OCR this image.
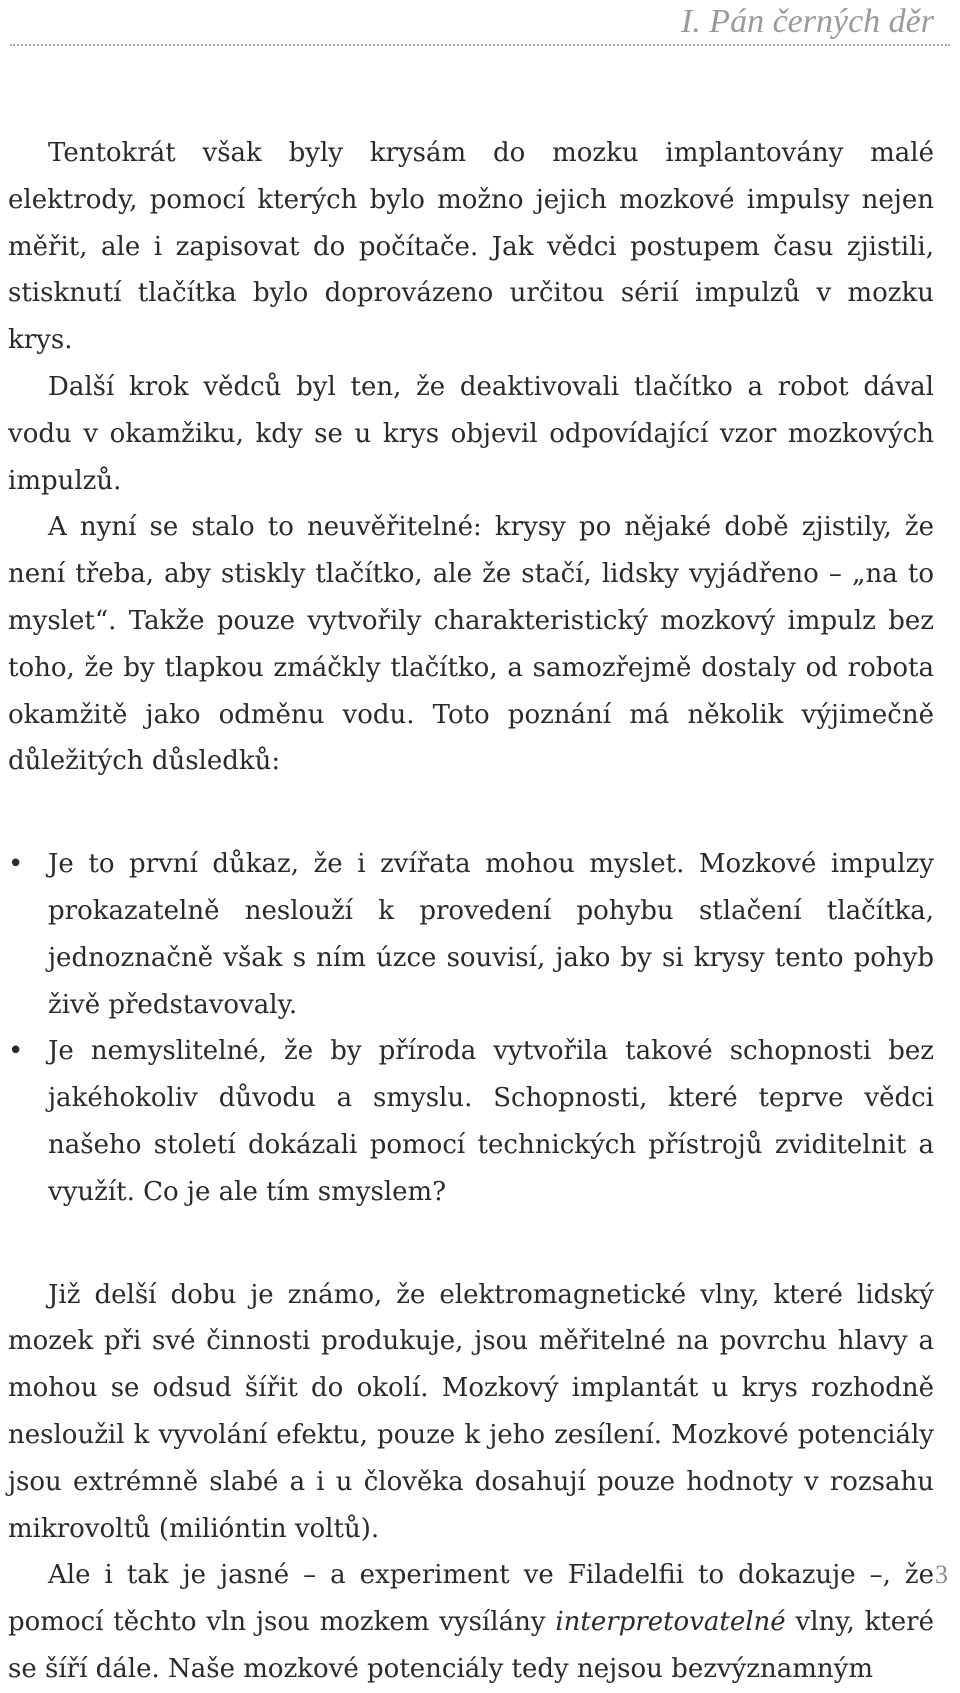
I. Pán černých děr

Tentokrát však byly krysám do mozku implantovány malé elektrody, pomocí kterých bylo možno jejich mozkové impulsy nejen měřit, ale i zapisovat do počítače. Jak vědci postupem času zjistili, stisknutí tlačítka bylo doprovázeno určitou sérií impulzů v mozku krys.

Další krok vědců byl ten, že deaktivovali tlačítko a robot dával vodu v okamžiku, kdy se u krys objevil odpovídající vzor mozkových impulzů.

A nyní se stalo to neuvěřitelné: krysy po nějaké době zjistily, že není třeba, aby stiskly tlačítko, ale že stačí, lidsky vyjádřeno – „na to myslet“. Takže pouze vytvořily charakteristický mozkový impulz bez toho, že by tlapkou zmáčkly tlačítko, a samozřejmě dostaly od robota okamžitě jako odměnu vodu. Toto poznání má několik výjimečně důležitých důsledků:

• Je to první důkaz, že i zvířata mohou myslet. Mozkové impulzy prokazatelně neslouží k provedení pohybu stlačení tlačítka, jednoznačně však s ním úzce souvisí, jako by si krysy tento pohyb živě představovaly.
• Je nemyslitelné, že by příroda vytvořila takové schopnosti bez jakéhokoliv důvodu a smyslu. Schopnosti, které teprve vědci našeho století dokázali pomocí technických přístrojů zviditelnit a využít. Co je ale tím smyslem?

Již delší dobu je známo, že elektromagnetické vlny, které lidský mozek při své činnosti produkuje, jsou měřitelné na povrchu hlavy a mohou se odsud šířit do okolí. Mozkový implantát u krys rozhodně nesloužil k vyvolání efektu, pouze k jeho zesílení. Mozkové potenciály jsou extrémně slabé a i u člověka dosahují pouze hodnoty v rozsahu mikrovoltů (milióntin voltů).

Ale i tak je jasné – a experiment ve Filadelfii to dokazuje –, že pomocí těchto vln jsou mozkem vysílány interpretovatelné vlny, které se šíří dále. Naše mozkové potenciály tedy nejsou bezvýznamným

3
